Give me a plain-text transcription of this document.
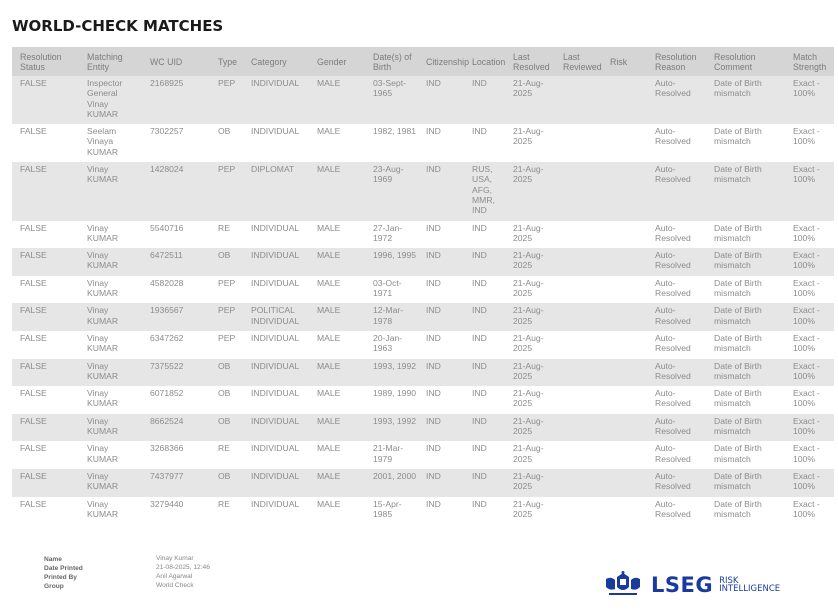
WORLD-CHECK MATCHES
Resolution Status	Matching Entity	WC UID	Type	Category	Gender	Date(s) of Birth	Citizenship	Location	Last Resolved	Last Reviewed	Risk	Resolution Reason	Resolution Comment	Match Strength
FALSE	Inspector General Vinay KUMAR	2168925	PEP	INDIVIDUAL	MALE	03-Sept-1965	IND	IND	21-Aug-2025			Auto-Resolved	Date of Birth mismatch	Exact - 100%
FALSE	Seelam Vinaya KUMAR	7302257	OB	INDIVIDUAL	MALE	1982, 1981	IND	IND	21-Aug-2025			Auto-Resolved	Date of Birth mismatch	Exact - 100%
FALSE	Vinay KUMAR	1428024	PEP	DIPLOMAT	MALE	23-Aug-1969	IND	RUS, USA, AFG, MMR, IND	21-Aug-2025			Auto-Resolved	Date of Birth mismatch	Exact - 100%
FALSE	Vinay KUMAR	5540716	RE	INDIVIDUAL	MALE	27-Jan-1972	IND	IND	21-Aug-2025			Auto-Resolved	Date of Birth mismatch	Exact - 100%
FALSE	Vinay KUMAR	6472511	OB	INDIVIDUAL	MALE	1996, 1995	IND	IND	21-Aug-2025			Auto-Resolved	Date of Birth mismatch	Exact - 100%
FALSE	Vinay KUMAR	4582028	PEP	INDIVIDUAL	MALE	03-Oct-1971	IND	IND	21-Aug-2025			Auto-Resolved	Date of Birth mismatch	Exact - 100%
FALSE	Vinay KUMAR	1936567	PEP	POLITICAL INDIVIDUAL	MALE	12-Mar-1978	IND	IND	21-Aug-2025			Auto-Resolved	Date of Birth mismatch	Exact - 100%
FALSE	Vinay KUMAR	6347262	PEP	INDIVIDUAL	MALE	20-Jan-1963	IND	IND	21-Aug-2025			Auto-Resolved	Date of Birth mismatch	Exact - 100%
FALSE	Vinay KUMAR	7375522	OB	INDIVIDUAL	MALE	1993, 1992	IND	IND	21-Aug-2025			Auto-Resolved	Date of Birth mismatch	Exact - 100%
FALSE	Vinay KUMAR	6071852	OB	INDIVIDUAL	MALE	1989, 1990	IND	IND	21-Aug-2025			Auto-Resolved	Date of Birth mismatch	Exact - 100%
FALSE	Vinay KUMAR	8662524	OB	INDIVIDUAL	MALE	1993, 1992	IND	IND	21-Aug-2025			Auto-Resolved	Date of Birth mismatch	Exact - 100%
FALSE	Vinay KUMAR	3268366	RE	INDIVIDUAL	MALE	21-Mar-1979	IND	IND	21-Aug-2025			Auto-Resolved	Date of Birth mismatch	Exact - 100%
FALSE	Vinay KUMAR	7437977	OB	INDIVIDUAL	MALE	2001, 2000	IND	IND	21-Aug-2025			Auto-Resolved	Date of Birth mismatch	Exact - 100%
FALSE	Vinay KUMAR	3279440	RE	INDIVIDUAL	MALE	15-Apr-1985	IND	IND	21-Aug-2025			Auto-Resolved	Date of Birth mismatch	Exact - 100%
Name	Vinay Kumar
Date Printed	21-08-2025, 12:46
Printed By	Anil Agarwal
Group	World Check	LSEG RISK
INTELLIGENCE
